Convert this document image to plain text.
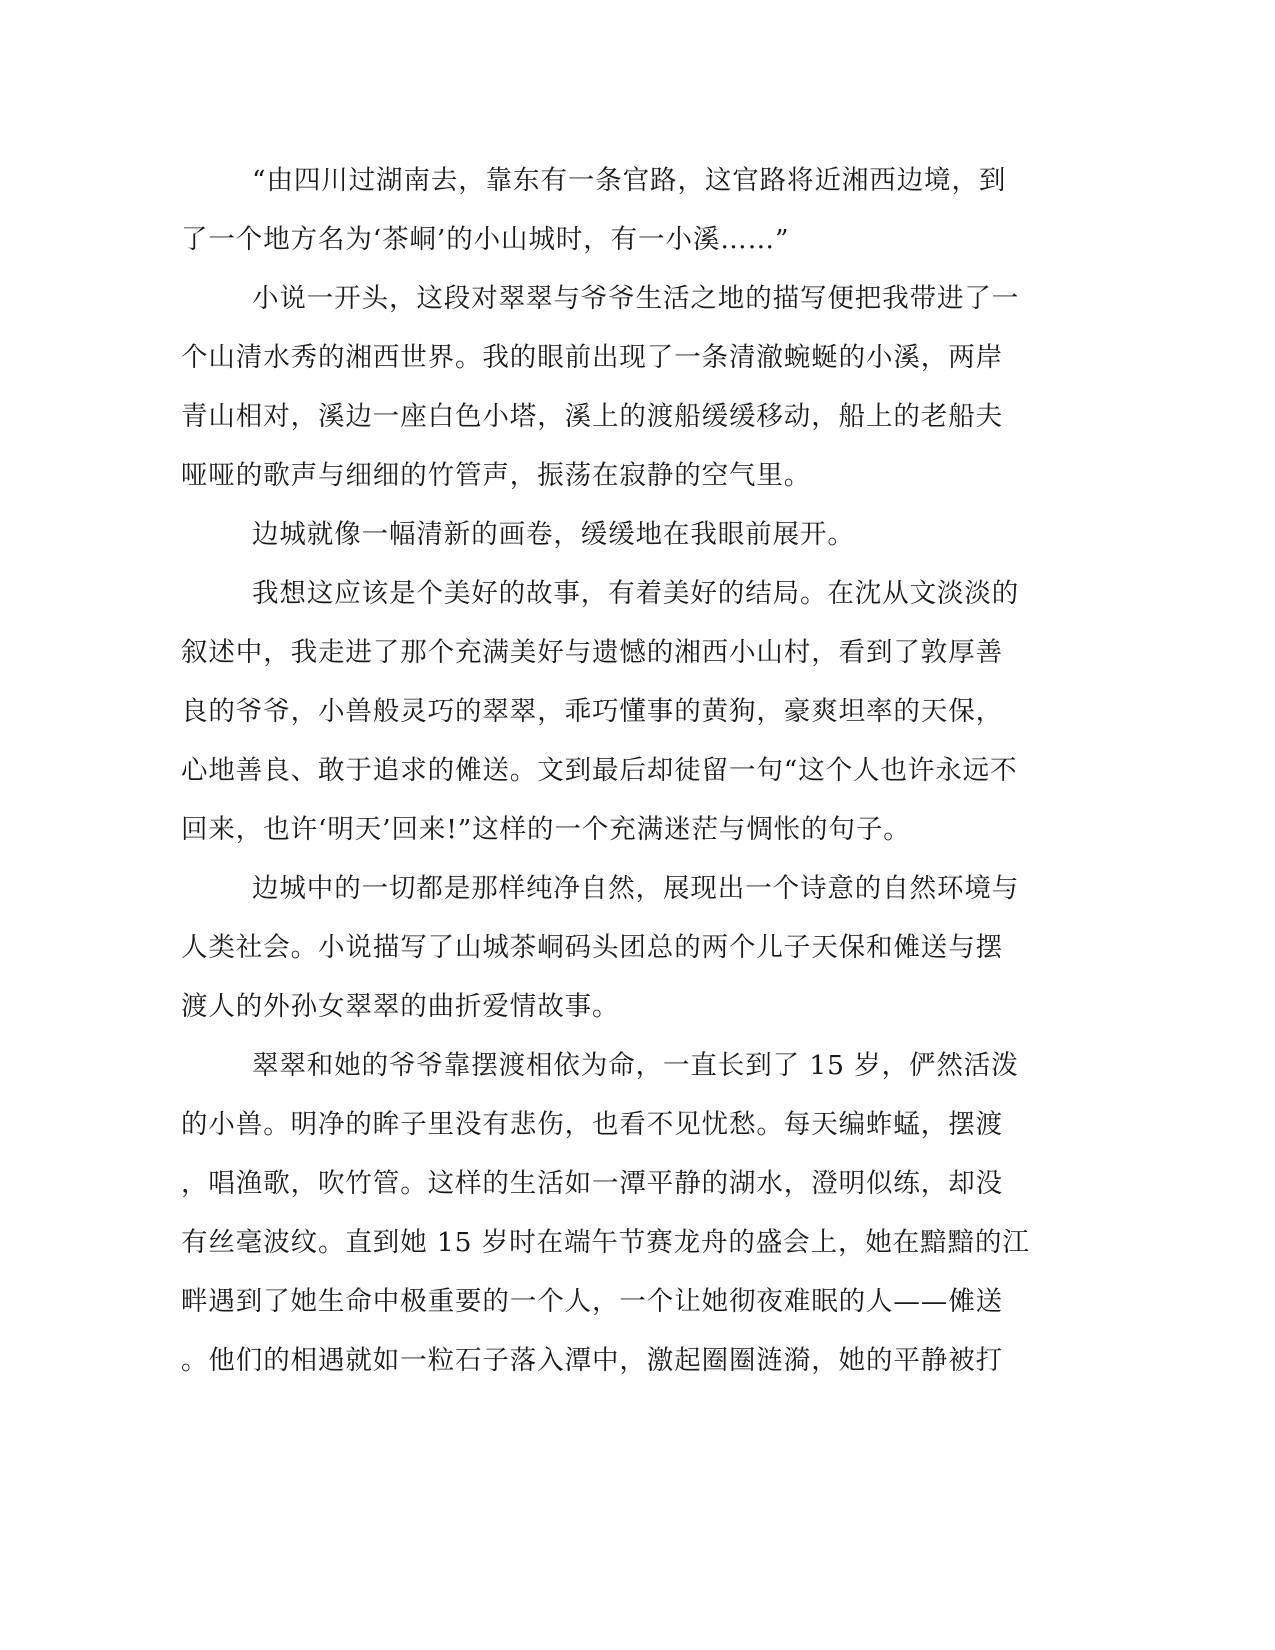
“由四川过湖南去，靠东有一条官路，这官路将近湘西边境，到

了一个地方名为‘茶峒’的小山城时，有一小溪……”

小说一开头，这段对翠翠与爷爷生活之地的描写便把我带进了一

个山清水秀的湘西世界。我的眼前出现了一条清澈蜿蜒的小溪，两岸

青山相对，溪边一座白色小塔，溪上的渡船缓缓移动，船上的老船夫

哑哑的歌声与细细的竹管声，振荡在寂静的空气里。

边城就像一幅清新的画卷，缓缓地在我眼前展开。

我想这应该是个美好的故事，有着美好的结局。在沈从文淡淡的

叙述中，我走进了那个充满美好与遗憾的湘西小山村，看到了敦厚善

良的爷爷，小兽般灵巧的翠翠，乖巧懂事的黄狗，豪爽坦率的天保，

心地善良、敢于追求的傩送。文到最后却徒留一句“这个人也许永远不

回来，也许‘明天’回来!”这样的一个充满迷茫与惆怅的句子。

边城中的一切都是那样纯净自然，展现出一个诗意的自然环境与

人类社会。小说描写了山城茶峒码头团总的两个儿子天保和傩送与摆

渡人的外孙女翠翠的曲折爱情故事。

翠翠和她的爷爷靠摆渡相依为命，一直长到了 15 岁，俨然活泼

的小兽。明净的眸子里没有悲伤，也看不见忧愁。每天编蚱蜢，摆渡

，唱渔歌，吹竹管。这样的生活如一潭平静的湖水，澄明似练，却没

有丝毫波纹。直到她 15 岁时在端午节赛龙舟的盛会上，她在黯黯的江

畔遇到了她生命中极重要的一个人，一个让她彻夜难眠的人——傩送

。他们的相遇就如一粒石子落入潭中，激起圈圈涟漪，她的平静被打
